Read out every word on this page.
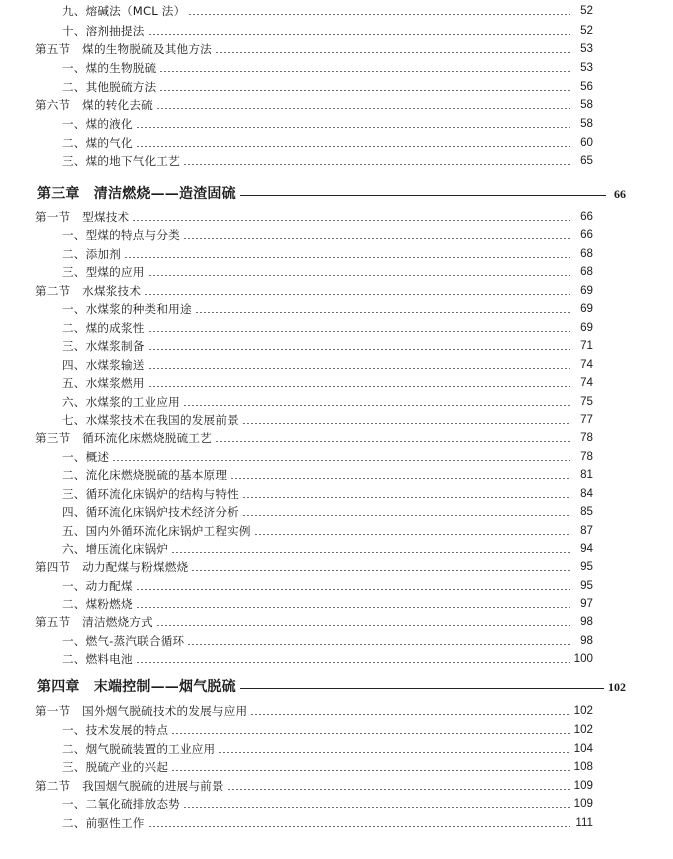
九、熔碱法（MCL 法）	52
十、溶剂抽提法	52
第五节　煤的生物脱硫及其他方法	53
一、煤的生物脱硫	53
二、其他脱硫方法	56
第六节　煤的转化去硫	58
一、煤的液化	58
二、煤的气化	60
三、煤的地下气化工艺	65
第三章　清洁燃烧——造渣固硫	66
第一节　型煤技术	66
一、型煤的特点与分类	66
二、添加剂	68
三、型煤的应用	68
第二节　水煤浆技术	69
一、水煤浆的种类和用途	69
二、煤的成浆性	69
三、水煤浆制备	71
四、水煤浆输送	74
五、水煤浆燃用	74
六、水煤浆的工业应用	75
七、水煤浆技术在我国的发展前景	77
第三节　循环流化床燃烧脱硫工艺	78
一、概述	78
二、流化床燃烧脱硫的基本原理	81
三、循环流化床锅炉的结构与特性	84
四、循环流化床锅炉技术经济分析	85
五、国内外循环流化床锅炉工程实例	87
六、增压流化床锅炉	94
第四节　动力配煤与粉煤燃烧	95
一、动力配煤	95
二、煤粉燃烧	97
第五节　清洁燃烧方式	98
一、燃气-蒸汽联合循环	98
二、燃料电池	100
第四章　末端控制——烟气脱硫	102
第一节　国外烟气脱硫技术的发展与应用	102
一、技术发展的特点	102
二、烟气脱硫装置的工业应用	104
三、脱硫产业的兴起	108
第二节　我国烟气脱硫的进展与前景	109
一、二氧化硫排放态势	109
二、前驱性工作	111
